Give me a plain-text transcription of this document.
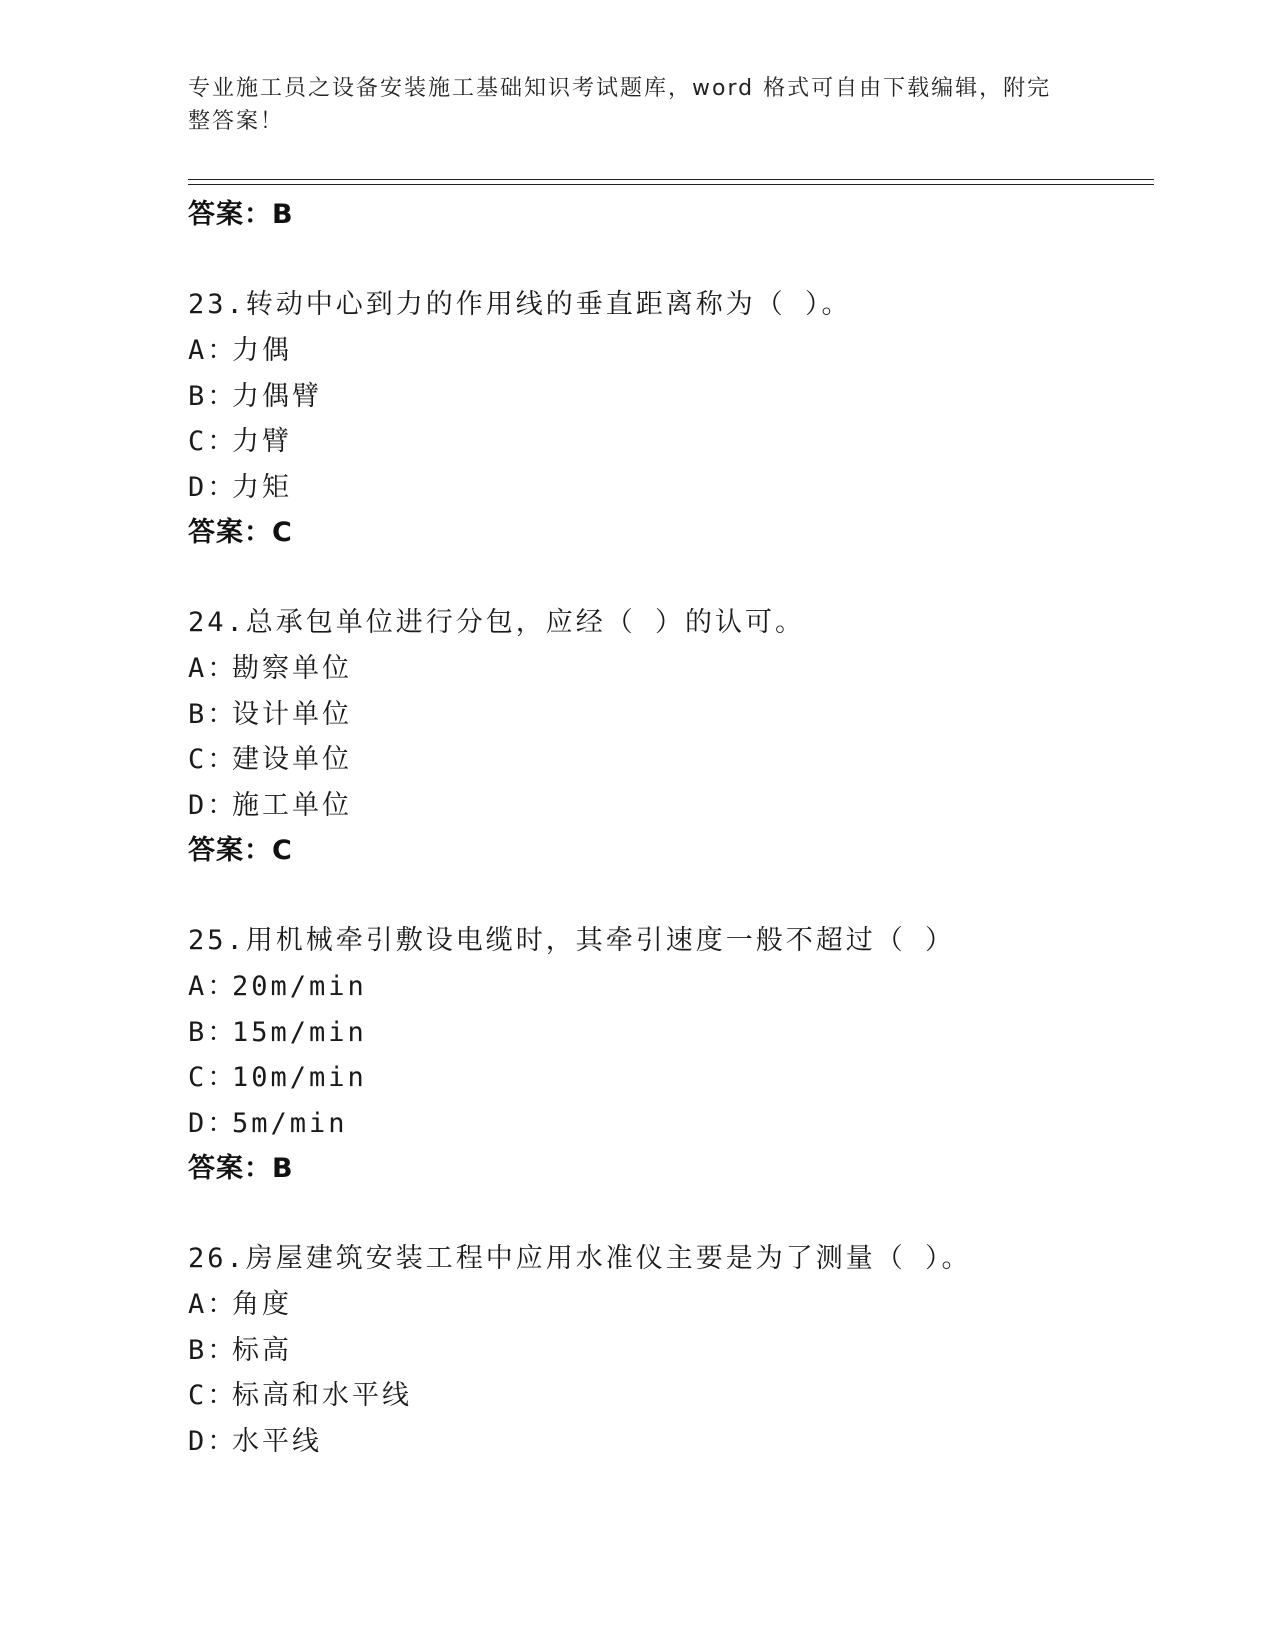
专业施工员之设备安装施工基础知识考试题库，word 格式可自由下载编辑，附完
整答案！
答案：B
23.转动中心到力的作用线的垂直距离称为（ ）。
A：力偶
B：力偶臂
C：力臂
D：力矩
答案：C
24.总承包单位进行分包，应经（ ）的认可。
A：勘察单位
B：设计单位
C：建设单位
D：施工单位
答案：C
25.用机械牵引敷设电缆时，其牵引速度一般不超过（ ）
A：20m/min
B：15m/min
C：10m/min
D：5m/min
答案：B
26.房屋建筑安装工程中应用水准仪主要是为了测量（ ）。
A：角度
B：标高
C：标高和水平线
D：水平线
